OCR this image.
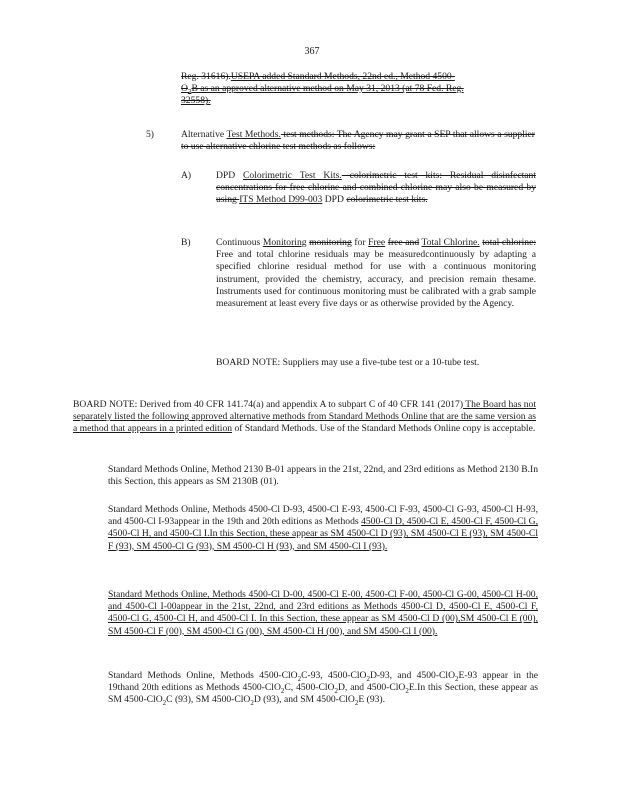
367

Reg. 31616).USEPA added Standard Methods, 22nd ed., Method 4500-

$O_3B$ as an approved alternative method on May 31, 2013 (at 78 Fed. Reg.

32558).

5)	Alternative Test Methods. test methods: The Agency may grant a SEP that allows a supplier to use alternative chlorine test methods as follows:
A)	DPD Colorimetric Test Kits. colorimetric test kits: Residual disinfectant concentrations for free chlorine and combined chlorine may also be measured by using ITS Method D99-003 DPD colorimetric test kits.
B)	Continuous Monitoring monitoring for Free free and Total Chlorine. total chlorine: Free and total chlorine residuals may be measuredcontinuously by adapting a specified chlorine residual method for use with a continuous monitoring instrument, provided the chemistry, accuracy, and precision remain thesame. Instruments used for continuous monitoring must be calibrated with a grab sample measurement at least every five days or as otherwise provided by the Agency.
BOARD NOTE: Suppliers may use a five-tube test or a 10-tube test.
BOARD NOTE: Derived from 40 CFR 141.74(a) and appendix A to subpart C of 40 CFR 141 (2017) The Board has not separately listed the following approved alternative methods from Standard Methods Online that are the same version as a method that appears in a printed edition of Standard Methods. Use of the Standard Methods Online copy is acceptable.
Standard Methods Online, Method 2130 B-01 appears in the 21st, 22nd, and 23rd editions as Method 2130 B.In this Section, this appears as SM 2130B (01).
Standard Methods Online, Methods 4500-Cl D-93, 4500-Cl E-93, 4500-Cl F-93, 4500-Cl G-93, 4500-Cl H-93, and 4500-Cl I-93appear in the 19th and 20th editions as Methods 4500-Cl D, 4500-Cl E, 4500-Cl F, 4500-Cl G, 4500-Cl H, and 4500-Cl I.In this Section, these appear as SM 4500-Cl D (93), SM 4500-Cl E (93), SM 4500-Cl F (93), SM 4500-Cl G (93), SM 4500-Cl H (93), and SM 4500-Cl I (93).
Standard Methods Online, Methods 4500-Cl D-00, 4500-Cl E-00, 4500-Cl F-00, 4500-Cl G-00, 4500-Cl H-00, and 4500-Cl I-00appear in the 21st, 22nd, and 23rd editions as Methods 4500-Cl D, 4500-Cl E, 4500-Cl F, 4500-Cl G, 4500-Cl H, and 4500-Cl I. In this Section, these appear as SM 4500-Cl D (00),SM 4500-Cl E (00), SM 4500-Cl F (00), SM 4500-Cl G (00), SM 4500-Cl H (00), and SM 4500-Cl I (00).
Standard Methods Online, Methods 4500-ClO$_2$C-93, 4500-ClO$_2$D-93, and 4500-ClO$_2$E-93 appear in the 19thand 20th editions as Methods 4500-ClO$_2$C, 4500-ClO$_2$D, and 4500-ClO$_2$E.In this Section, these appear as SM 4500-ClO$_2$C (93), SM 4500-ClO$_2$D (93), and SM 4500-ClO$_2$E (93).
